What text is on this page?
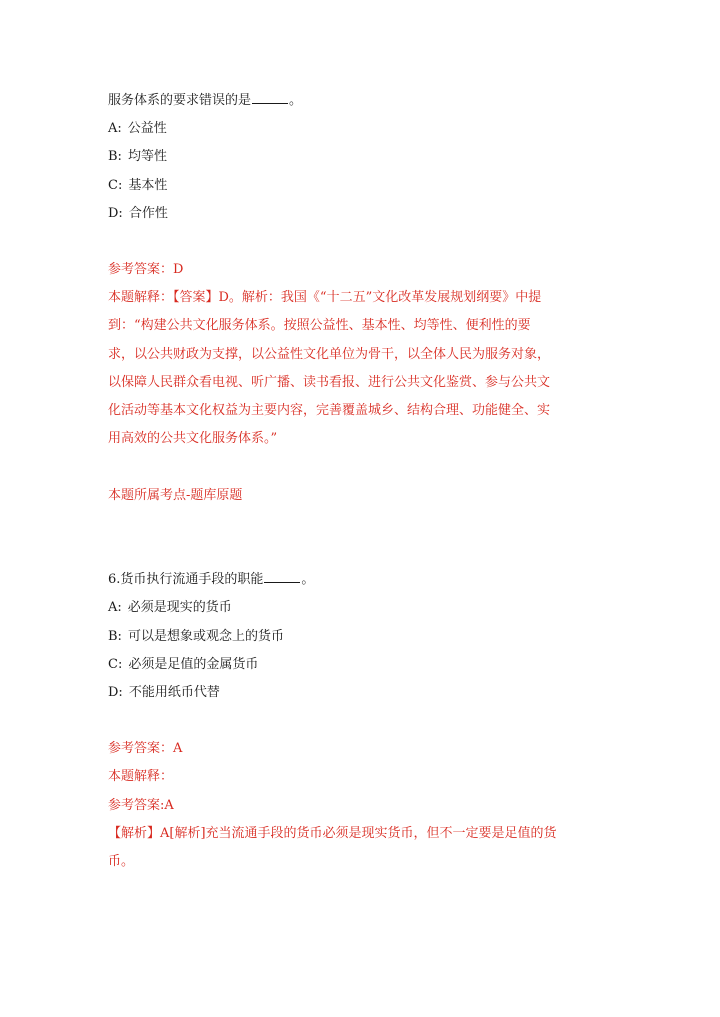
服务体系的要求错误的是	。
A: 公益性
B: 均等性
C: 基本性
D: 合作性
参考答案：D
本题解释：【答案】D。解析：我国《“十二五”文化改革发展规划纲要》中提
到：“构建公共文化服务体系。按照公益性、基本性、均等性、便利性的要
求，以公共财政为支撑，以公益性文化单位为骨干，以全体人民为服务对象，
以保障人民群众看电视、听广播、读书看报、进行公共文化鉴赏、参与公共文
化活动等基本文化权益为主要内容，完善覆盖城乡、结构合理、功能健全、实
用高效的公共文化服务体系。”
本题所属考点-题库原题
6.货币执行流通手段的职能	。
A: 必须是现实的货币
B: 可以是想象或观念上的货币
C: 必须是足值的金属货币
D: 不能用纸币代替
参考答案：A
本题解释：
参考答案:A
【解析】A[解析]充当流通手段的货币必须是现实货币，但不一定要是足值的货
币。
